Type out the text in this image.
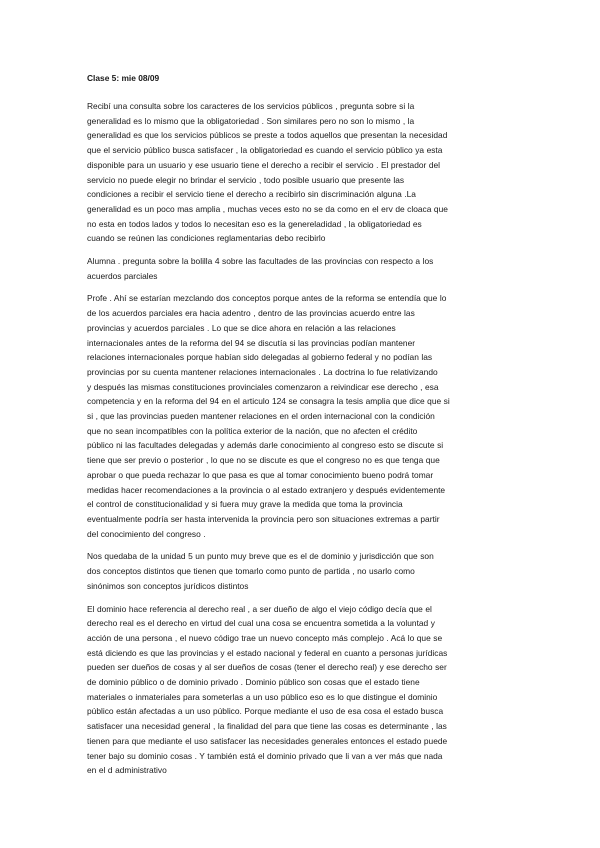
Clase 5: mie 08/09
Recibí una consulta sobre los caracteres de los servicios públicos , pregunta sobre si la
generalidad es lo mismo que la obligatoriedad . Son similares pero no son lo mismo , la
generalidad es que los servicios públicos se preste a todos aquellos que presentan la necesidad
que el servicio público busca satisfacer , la obligatoriedad es cuando el servicio público ya esta
disponible para un usuario y ese usuario tiene el derecho a recibir el servicio . El prestador del
servicio no puede elegir no brindar el servicio , todo posible usuario que presente las
condiciones a recibir el servicio tiene el derecho a recibirlo sin discriminación alguna .La
generalidad es un poco mas amplia , muchas veces esto no se da como en el erv de cloaca que
no esta en todos lados y todos lo necesitan eso es la genereladidad , la obligatoriedad es
cuando se reúnen las condiciones reglamentarias debo recibirlo
Alumna . pregunta sobre la bolilla 4 sobre las facultades de las provincias con respecto a los
acuerdos parciales
Profe . Ahí se estarían mezclando dos conceptos porque antes de la reforma se entendía que lo
de los acuerdos parciales era hacia adentro , dentro de las provincias acuerdo entre las
provincias y acuerdos parciales . Lo que se dice ahora en relación a las relaciones
internacionales antes de la reforma del 94 se discutía si las provincias podían mantener
relaciones internacionales porque habían sido delegadas al gobierno federal y no podían las
provincias por su cuenta mantener relaciones internacionales . La doctrina lo fue relativizando
y después las mismas constituciones provinciales comenzaron a reivindicar ese derecho , esa
competencia y en la reforma del 94 en el articulo 124 se consagra la tesis amplia que dice que si
si , que las provincias pueden mantener relaciones en el orden internacional con la condición
que no sean incompatibles con la política exterior de la nación, que no afecten el crédito
público ni las facultades delegadas y además darle conocimiento al congreso esto se discute si
tiene que ser previo o posterior , lo que no se discute es que el congreso no es que tenga que
aprobar o que pueda rechazar lo que pasa es que al tomar conocimiento bueno podrá tomar
medidas hacer recomendaciones a la provincia o al estado extranjero y después evidentemente
el control de constitucionalidad y si fuera muy grave la medida que toma la provincia
eventualmente podría ser hasta intervenida la provincia pero son situaciones extremas a partir
del conocimiento del congreso .
Nos quedaba de la unidad 5 un punto muy breve que es el de dominio y jurisdicción que son
dos conceptos distintos que tienen que tomarlo como punto de partida , no usarlo como
sinónimos son conceptos jurídicos distintos
El dominio hace referencia al derecho real , a ser dueño de algo el viejo código decía que el
derecho real es el derecho en virtud del cual una cosa se encuentra sometida a la voluntad y
acción de una persona , el nuevo código trae un nuevo concepto más complejo . Acá lo que se
está diciendo es que las provincias y el estado nacional y federal en cuanto a personas jurídicas
pueden ser dueños de cosas y al ser dueños de cosas (tener el derecho real) y ese derecho ser
de dominio público o de dominio privado . Dominio público son cosas que el estado tiene
materiales o inmateriales para someterlas a un uso público eso es lo que distingue el dominio
público están afectadas a un uso público. Porque mediante el uso de esa cosa el estado busca
satisfacer una necesidad general , la finalidad del para que tiene las cosas es determinante , las
tienen para que mediante el uso satisfacer las necesidades generales entonces el estado puede
tener bajo su dominio cosas . Y también está el dominio privado que li van a ver más que nada
en el d administrativo
